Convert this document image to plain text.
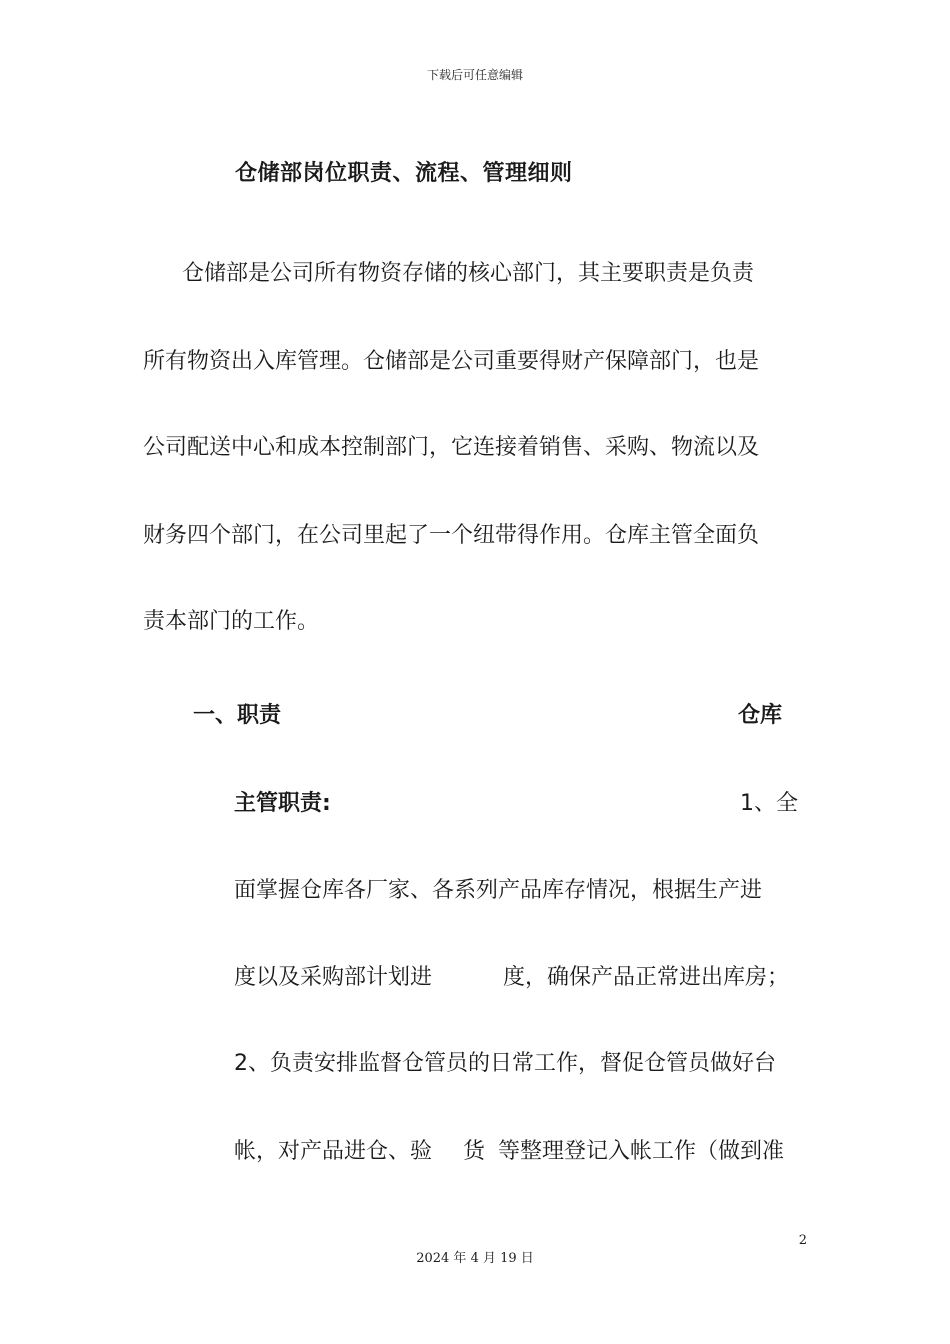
下载后可任意编辑
仓储部岗位职责、流程、管理细则
仓储部是公司所有物资存储的核心部门，其主要职责是负责
所有物资出入库管理。仓储部是公司重要得财产保障部门，也是
公司配送中心和成本控制部门，它连接着销售、采购、物流以及
财务四个部门，在公司里起了一个纽带得作用。仓库主管全面负
责本部门的工作。
一、职责	仓库
主管职责:	1、全
面掌握仓库各厂家、各系列产品库存情况，根据生产进
度以及采购部计划进	度，确保产品正常进出库房；
2、负责安排监督仓管员的日常工作，督促仓管员做好台
帐，对产品进仓、验 货 等整理登记入帐工作（做到准
2
2024 年 4 月 19 日
